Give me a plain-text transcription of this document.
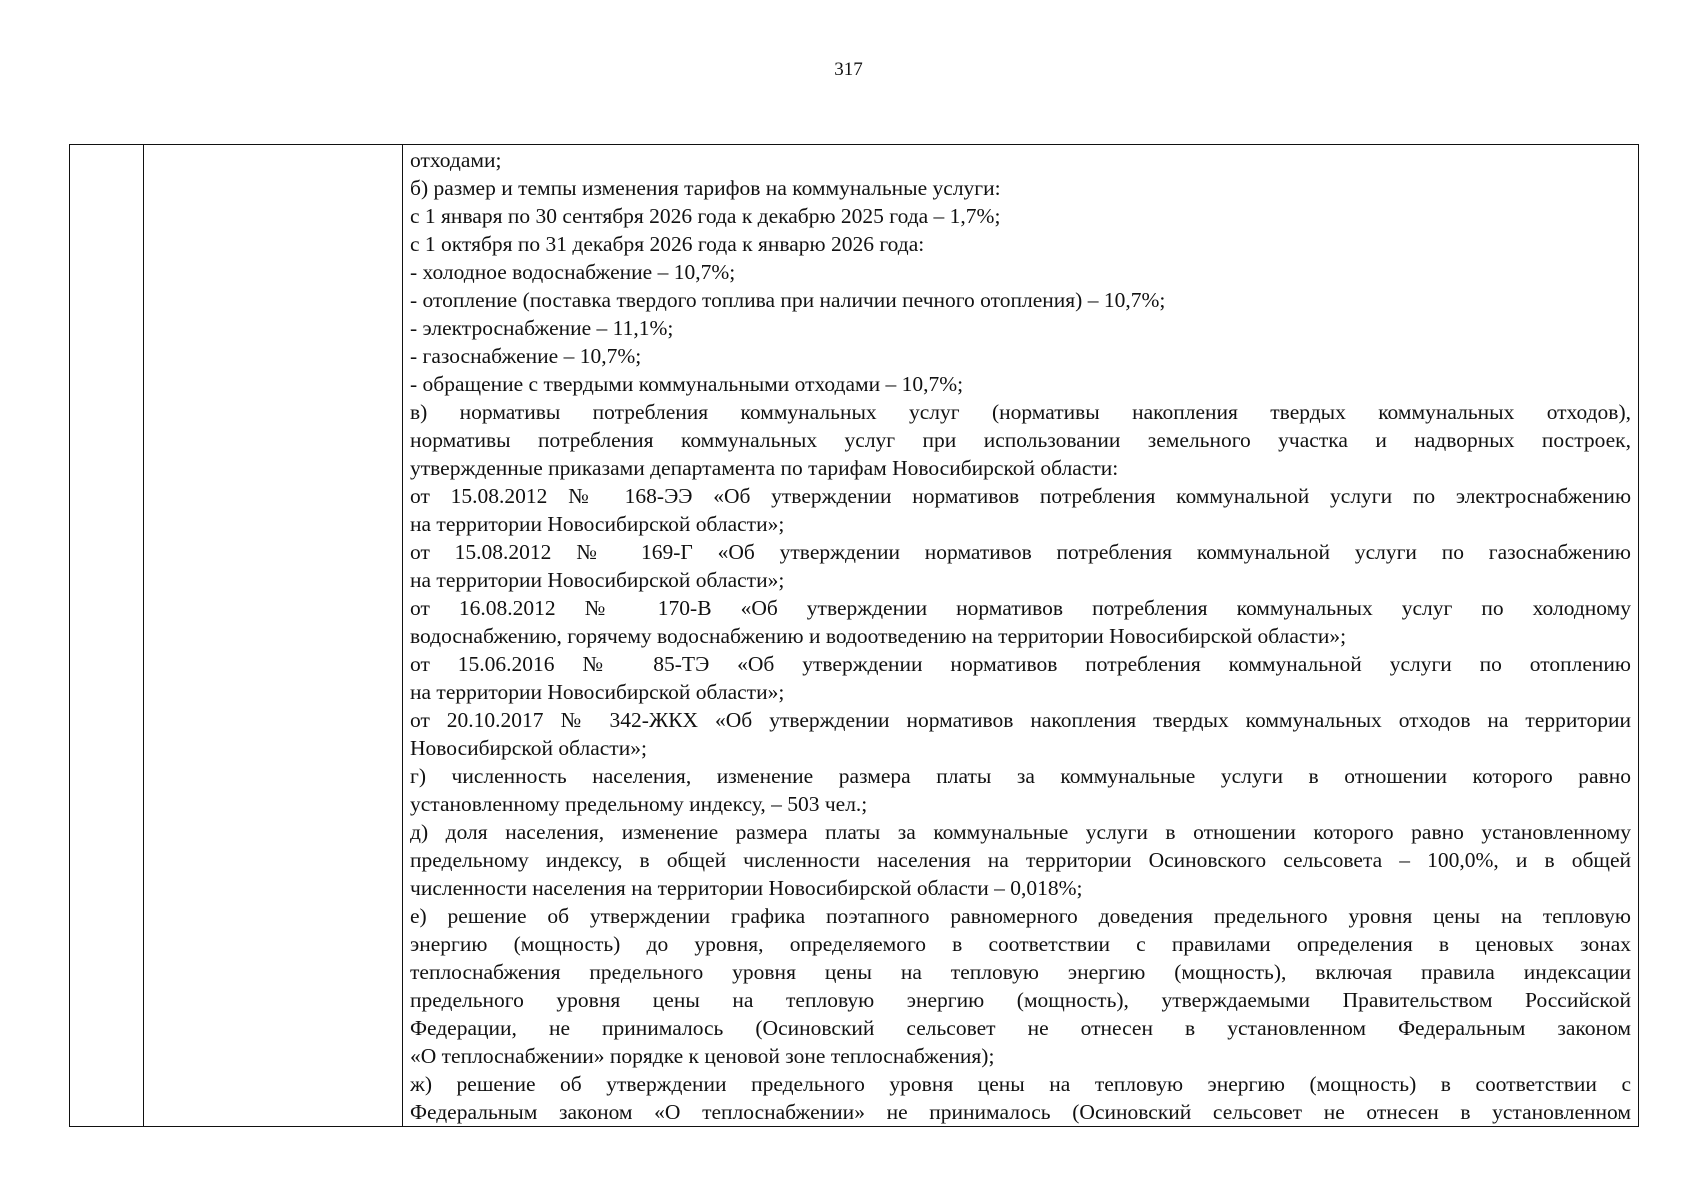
317

отходами;
б) размер и темпы изменения тарифов на коммунальные услуги:
с 1 января по 30 сентября 2026 года к декабрю 2025 года – 1,7%;
с 1 октября по 31 декабря 2026 года к январю 2026 года:
- холодное водоснабжение – 10,7%;
- отопление (поставка твердого топлива при наличии печного отопления) – 10,7%;
- электроснабжение – 11,1%;
- газоснабжение – 10,7%;
- обращение с твердыми коммунальными отходами – 10,7%;
в) нормативы потребления коммунальных услуг (нормативы накопления твердых коммунальных отходов),
нормативы потребления коммунальных услуг при использовании земельного участка и надворных построек,
утвержденные приказами департамента по тарифам Новосибирской области:
от 15.08.2012 № 168-ЭЭ «Об утверждении нормативов потребления коммунальной услуги по электроснабжению
на территории Новосибирской области»;
от 15.08.2012 № 169-Г «Об утверждении нормативов потребления коммунальной услуги по газоснабжению
на территории Новосибирской области»;
от 16.08.2012 № 170-В «Об утверждении нормативов потребления коммунальных услуг по холодному
водоснабжению, горячему водоснабжению и водоотведению на территории Новосибирской области»;
от 15.06.2016 № 85-ТЭ «Об утверждении нормативов потребления коммунальной услуги по отоплению
на территории Новосибирской области»;
от 20.10.2017 № 342-ЖКХ «Об утверждении нормативов накопления твердых коммунальных отходов на территории
Новосибирской области»;
г) численность населения, изменение размера платы за коммунальные услуги в отношении которого равно
установленному предельному индексу, – 503 чел.;
д) доля населения, изменение размера платы за коммунальные услуги в отношении которого равно установленному
предельному индексу, в общей численности населения на территории Осиновского сельсовета – 100,0%, и в общей
численности населения на территории Новосибирской области – 0,018%;
е) решение об утверждении графика поэтапного равномерного доведения предельного уровня цены на тепловую
энергию (мощность) до уровня, определяемого в соответствии с правилами определения в ценовых зонах
теплоснабжения предельного уровня цены на тепловую энергию (мощность), включая правила индексации
предельного уровня цены на тепловую энергию (мощность), утверждаемыми Правительством Российской
Федерации, не принималось (Осиновский сельсовет не отнесен в установленном Федеральным законом
«О теплоснабжении» порядке к ценовой зоне теплоснабжения);
ж) решение об утверждении предельного уровня цены на тепловую энергию (мощность) в соответствии с
Федеральным законом «О теплоснабжении» не принималось (Осиновский сельсовет не отнесен в установленном
